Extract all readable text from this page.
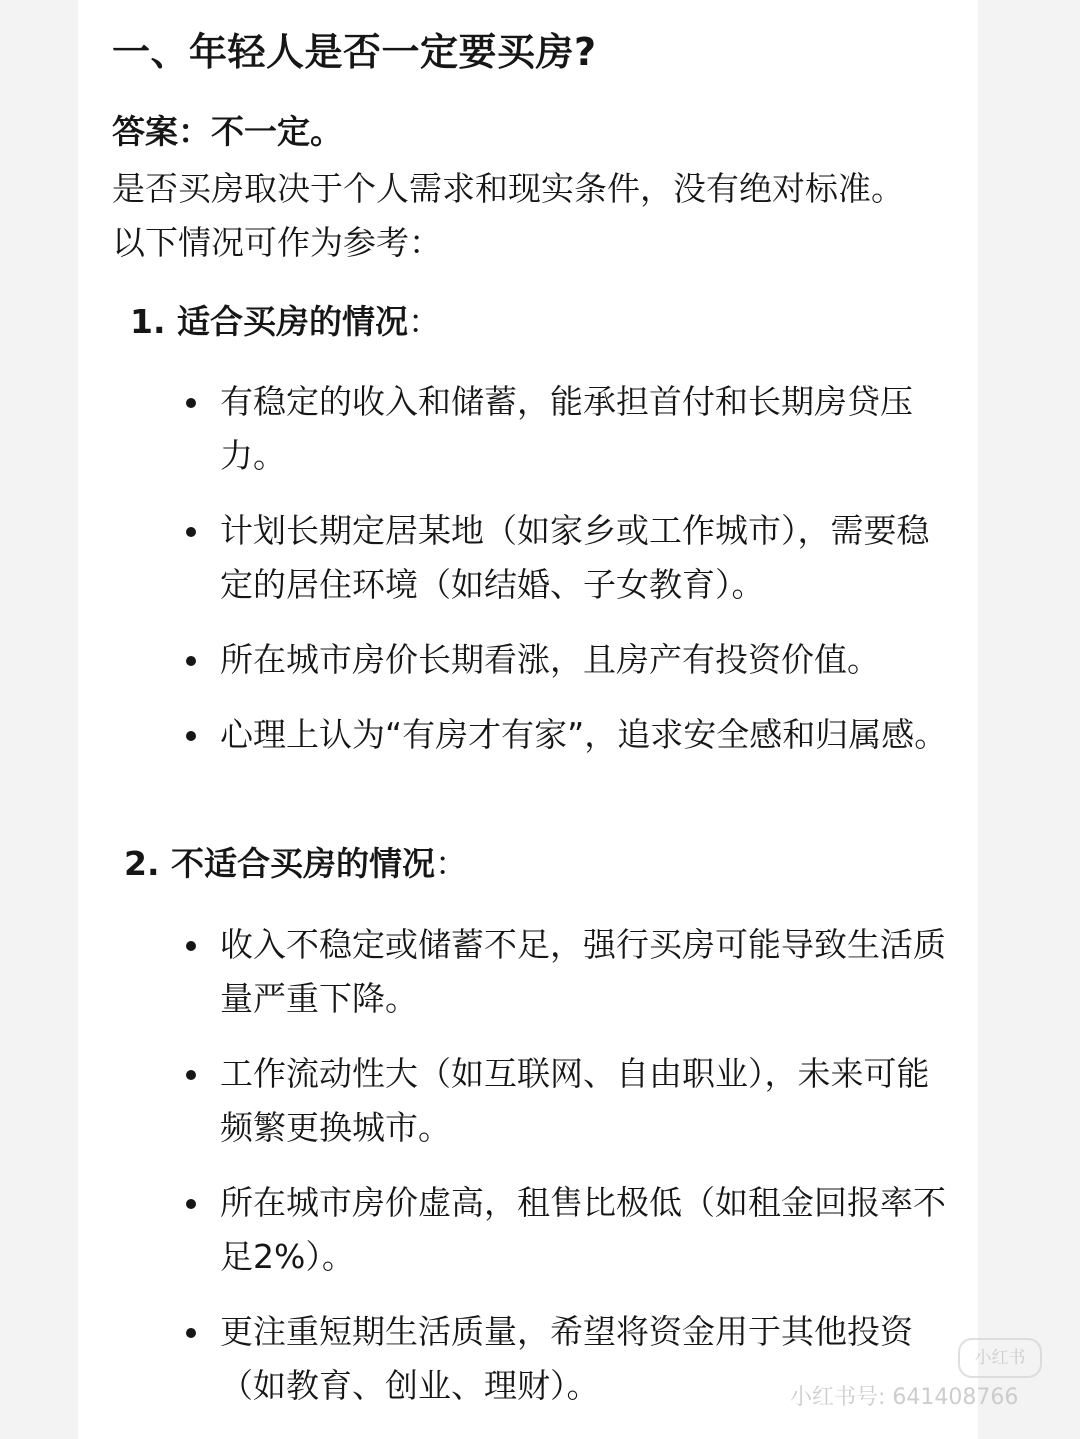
一、年轻人是否一定要买房?
答案：不一定。
是否买房取决于个人需求和现实条件，没有绝对标准。以下情况可作为参考：
1. 适合买房的情况：
有稳定的收入和储蓄，能承担首付和长期房贷压力。
计划长期定居某地（如家乡或工作城市），需要稳定的居住环境（如结婚、子女教育）。
所在城市房价长期看涨，且房产有投资价值。
心理上认为“有房才有家”，追求安全感和归属感。
2. 不适合买房的情况：
收入不稳定或储蓄不足，强行买房可能导致生活质量严重下降。
工作流动性大（如互联网、自由职业），未来可能频繁更换城市。
所在城市房价虚高，租售比极低（如租金回报率不足2%）。
更注重短期生活质量，希望将资金用于其他投资（如教育、创业、理财）。
小红书
小红书号: 641408766
